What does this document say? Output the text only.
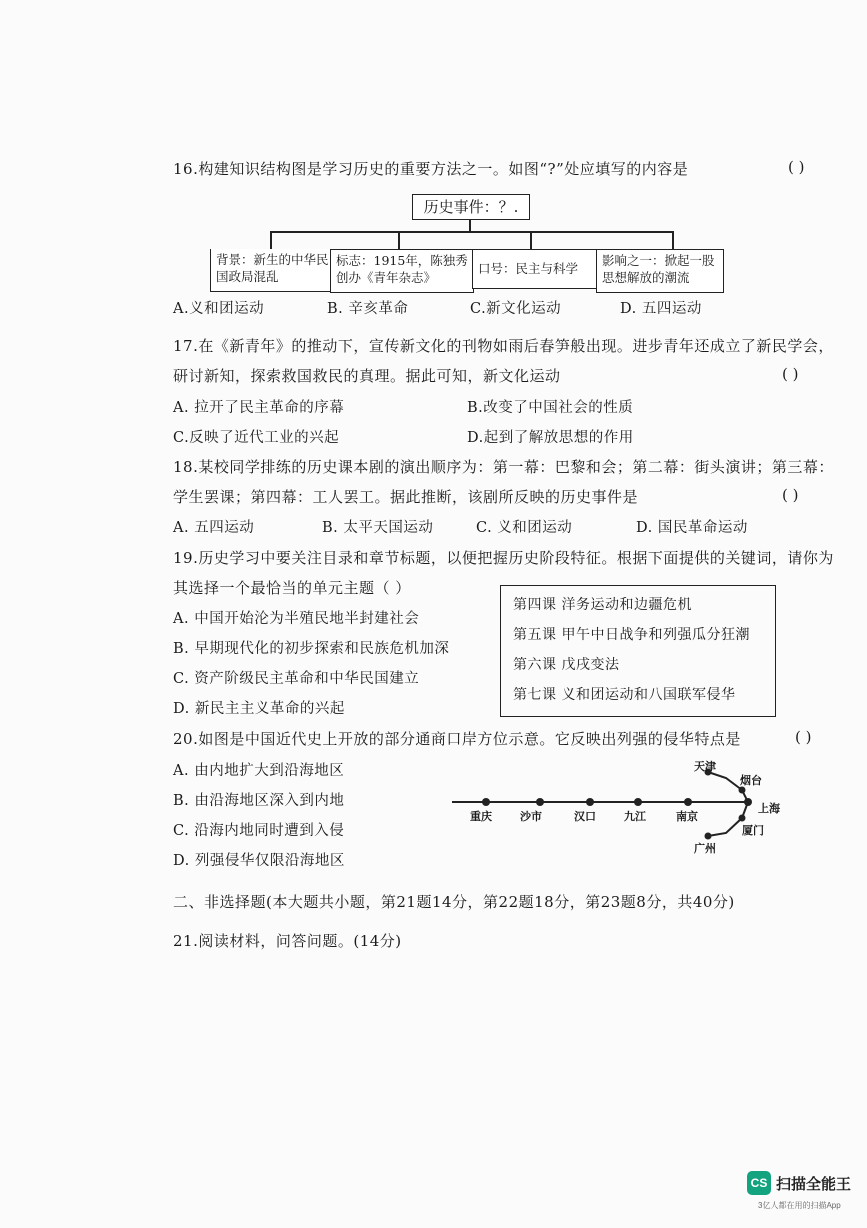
16.构建知识结构图是学习历史的重要方法之一。如图“?”处应填写的内容是	( )
历史事件：？.
背景：新生的中华民国政局混乱
标志：1915年，陈独秀创办《青年杂志》
口号：民主与科学
影响之一：掀起一股思想解放的潮流
A.义和团运动	B. 辛亥革命	C.新文化运动	D. 五四运动
17.在《新青年》的推动下，宣传新文化的刊物如雨后春笋般出现。进步青年还成立了新民学会，
研讨新知，探索救国救民的真理。据此可知，新文化运动	( )
A. 拉开了民主革命的序幕	B.改变了中国社会的性质
C.反映了近代工业的兴起	D.起到了解放思想的作用
18.某校同学排练的历史课本剧的演出顺序为：第一幕：巴黎和会；第二幕：街头演讲；第三幕：
学生罢课；第四幕：工人罢工。据此推断，该剧所反映的历史事件是	( )
A. 五四运动	B. 太平天国运动	C. 义和团运动	D. 国民革命运动
19.历史学习中要关注目录和章节标题，以便把握历史阶段特征。根据下面提供的关键词，请你为
其选择一个最恰当的单元主题（ ）
A. 中国开始沦为半殖民地半封建社会
B. 早期现代化的初步探索和民族危机加深
C. 资产阶级民主革命和中华民国建立
D. 新民主主义革命的兴起
第四课 洋务运动和边疆危机
第五课 甲午中日战争和列强瓜分狂潮
第六课 戊戌变法
第七课 义和团运动和八国联军侵华
20.如图是中国近代史上开放的部分通商口岸方位示意。它反映出列强的侵华特点是	( )
A. 由内地扩大到沿海地区
B. 由沿海地区深入到内地
C. 沿海内地同时遭到入侵
D. 列强侵华仅限沿海地区
重庆	沙市	汉口	九江	南京
上海
天津
烟台
厦门
广州
二、非选择题(本大题共小题，第21题14分，第22题18分，第23题8分，共40分)
21.阅读材料，问答问题。(14分)
CS 扫描全能王
3亿人都在用的扫描App
